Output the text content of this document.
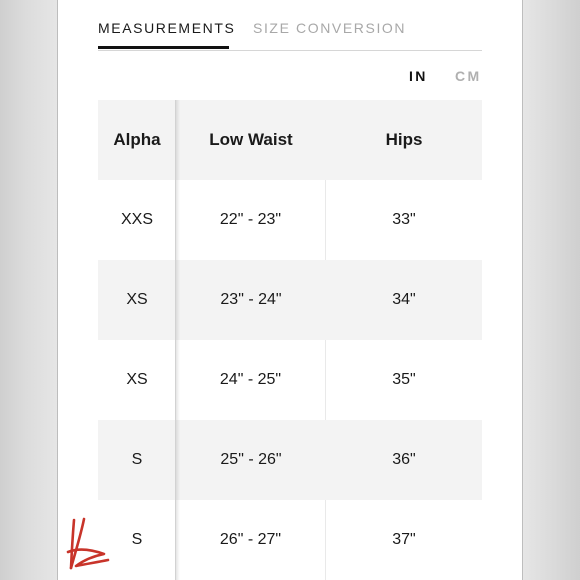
MEASUREMENTS SIZE CONVERSION
IN CM
Alpha	Low Waist	Hips
XXS	22" - 23"	33"
XS	23" - 24"	34"
XS	24" - 25"	35"
S	25" - 26"	36"
S	26" - 27"	37"
